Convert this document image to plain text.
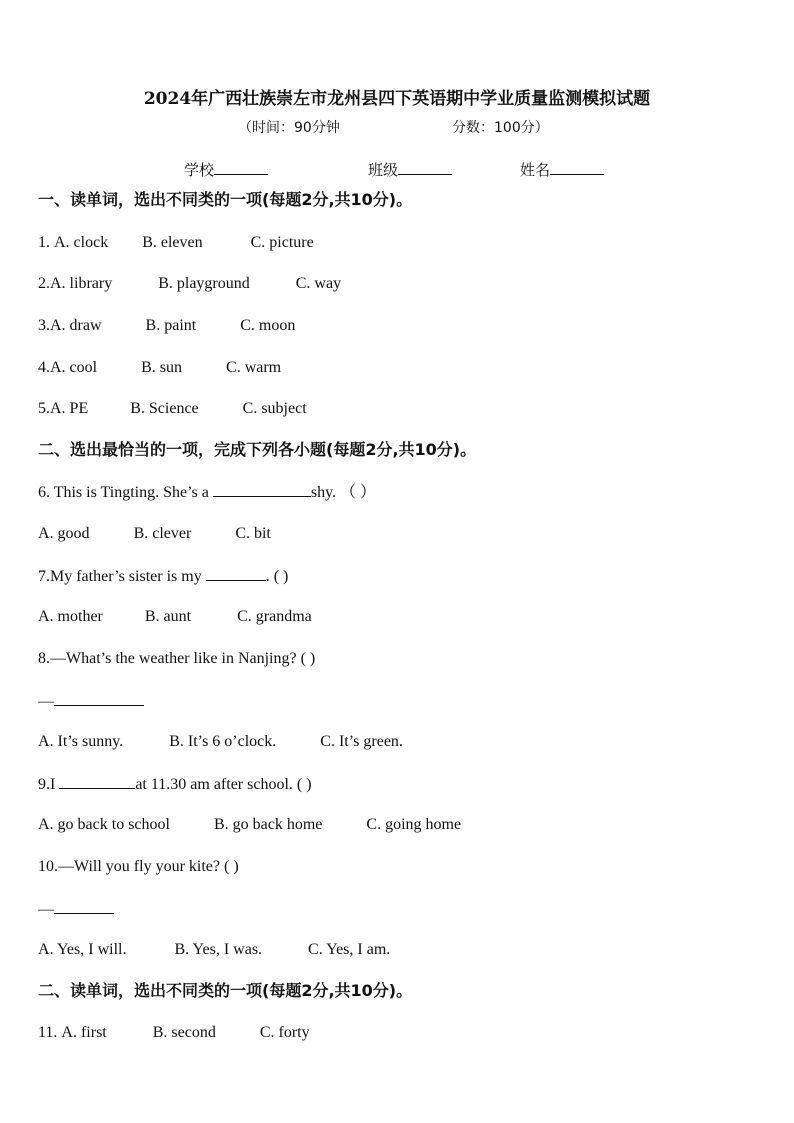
2024年广西壮族崇左市龙州县四下英语期中学业质量监测模拟试题
（时间：90分钟	分数：100分）
学校	班级	姓名
一、读单词，选出不同类的一项(每题2分,共10分)。
1. A. clock B. eleven	C. picture
2.A. library	B. playground	C. way
3.A. draw	B. paint	C. moon
4.A. cool	B. sun	C. warm
5.A. PE	B. Science	C. subject
二、选出最恰当的一项，完成下列各小题(每题2分,共10分)。
6. This is Tingting. She’s a	shy. （ ）
A. good	B. clever	C. bit
7.My father’s sister is my	. ( )
A. mother	B. aunt	C. grandma
8.—What’s the weather like in Nanjing? ( )
—
A. It’s sunny.	B. It’s 6 o’clock.	C. It’s green.
9.I	at 11.30 am after school. ( )
A. go back to school	B. go back home	C. going home
10.—Will you fly your kite? ( )
—
A. Yes, I will.	B. Yes, I was.	C. Yes, I am.
二、读单词，选出不同类的一项(每题2分,共10分)。
11. A. first	B. second	C. forty
